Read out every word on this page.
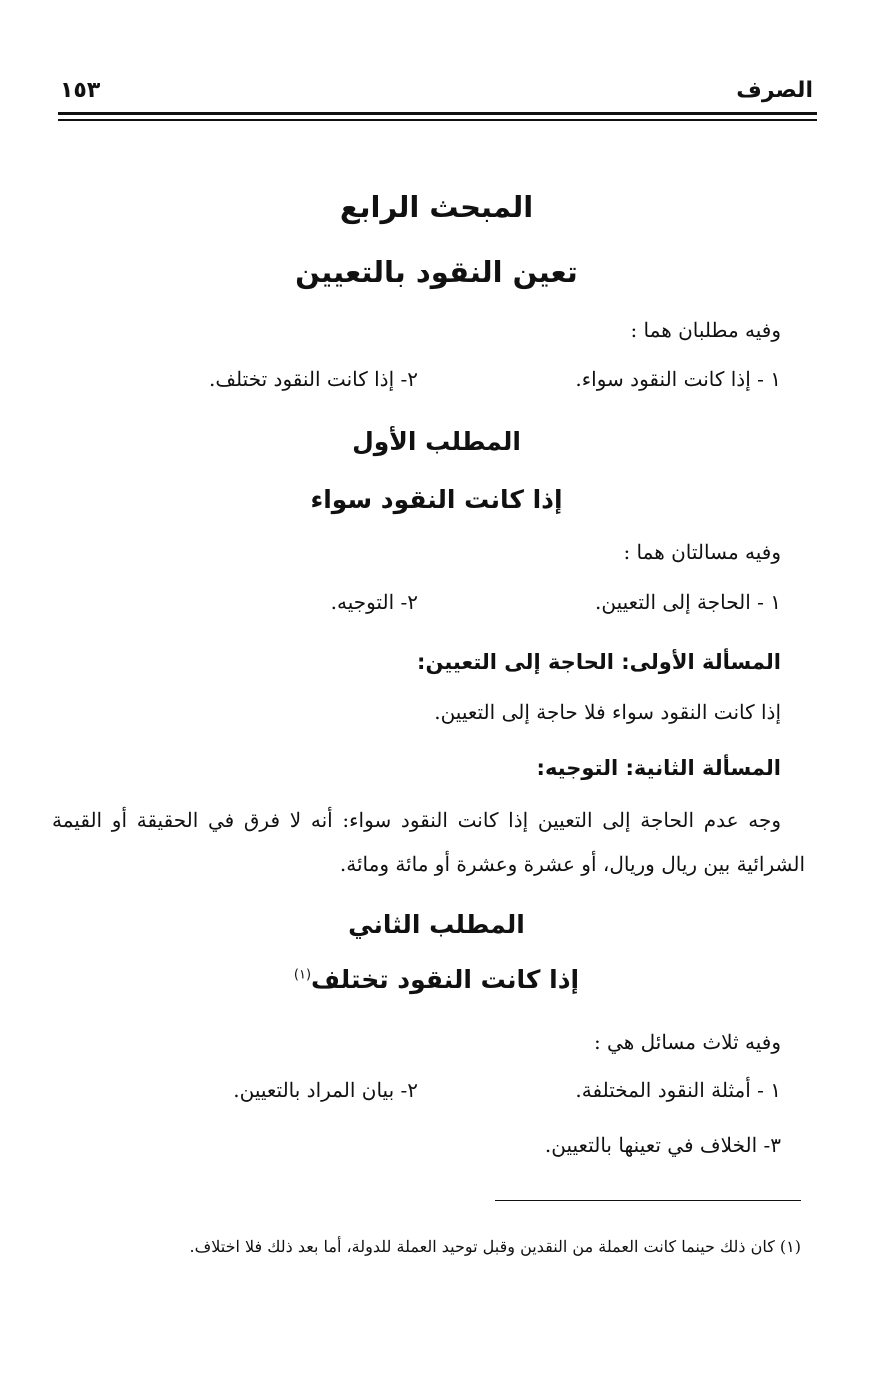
الصرف
١٥٣
المبحث الرابع
تعين النقود بالتعيين
وفيه مطلبان هما :
١ - إذا كانت النقود سواء.
٢- إذا كانت النقود تختلف.
المطلب الأول
إذا كانت النقود سواء
وفيه مسالتان هما :
١ - الحاجة إلى التعيين.
٢- التوجيه.
المسألة الأولى: الحاجة إلى التعيين:
إذا كانت النقود سواء فلا حاجة إلى التعيين.
المسألة الثانية: التوجيه:
وجه عدم الحاجة إلى التعيين إذا كانت النقود سواء: أنه لا فرق في الحقيقة أو القيمة الشرائية بين ريال وريال، أو عشرة وعشرة أو مائة ومائة.
المطلب الثاني
إذا كانت النقود تختلف$^{(١)}$
وفيه ثلاث مسائل هي :
١ - أمثلة النقود المختلفة.
٢- بيان المراد بالتعيين.
٣- الخلاف في تعينها بالتعيين.
(١) كان ذلك حينما كانت العملة من النقدين وقبل توحيد العملة للدولة، أما بعد ذلك فلا اختلاف.
